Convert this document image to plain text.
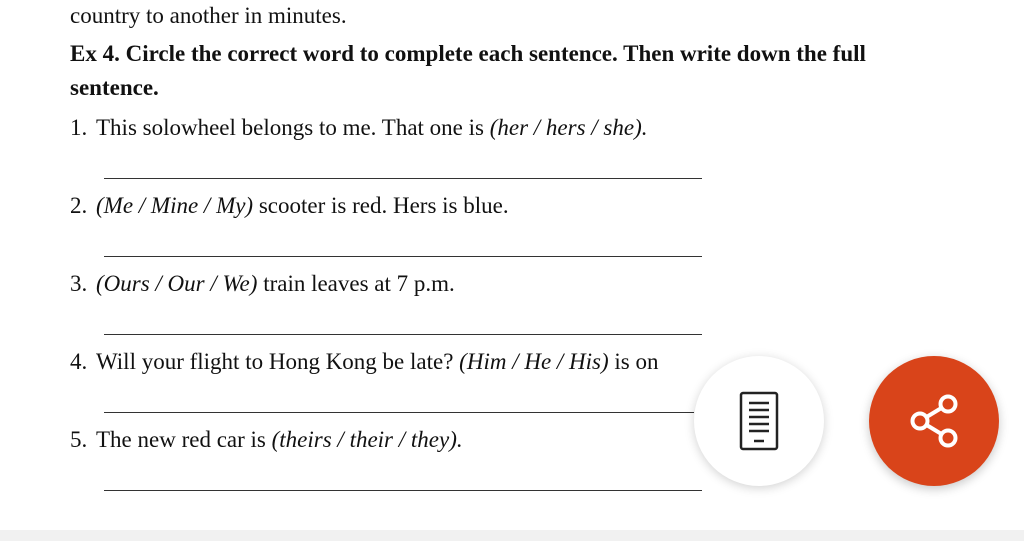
country to another in minutes.
Ex 4. Circle the correct word to complete each sentence. Then write down the full
sentence.
1. This solowheel belongs to me. That one is (her / hers / she).
2. (Me / Mine / My) scooter is red. Hers is blue.
3. (Ours / Our / We) train leaves at 7 p.m.
4. Will your flight to Hong Kong be late? (Him / He / His) is on
5. The new red car is (theirs / their / they).
